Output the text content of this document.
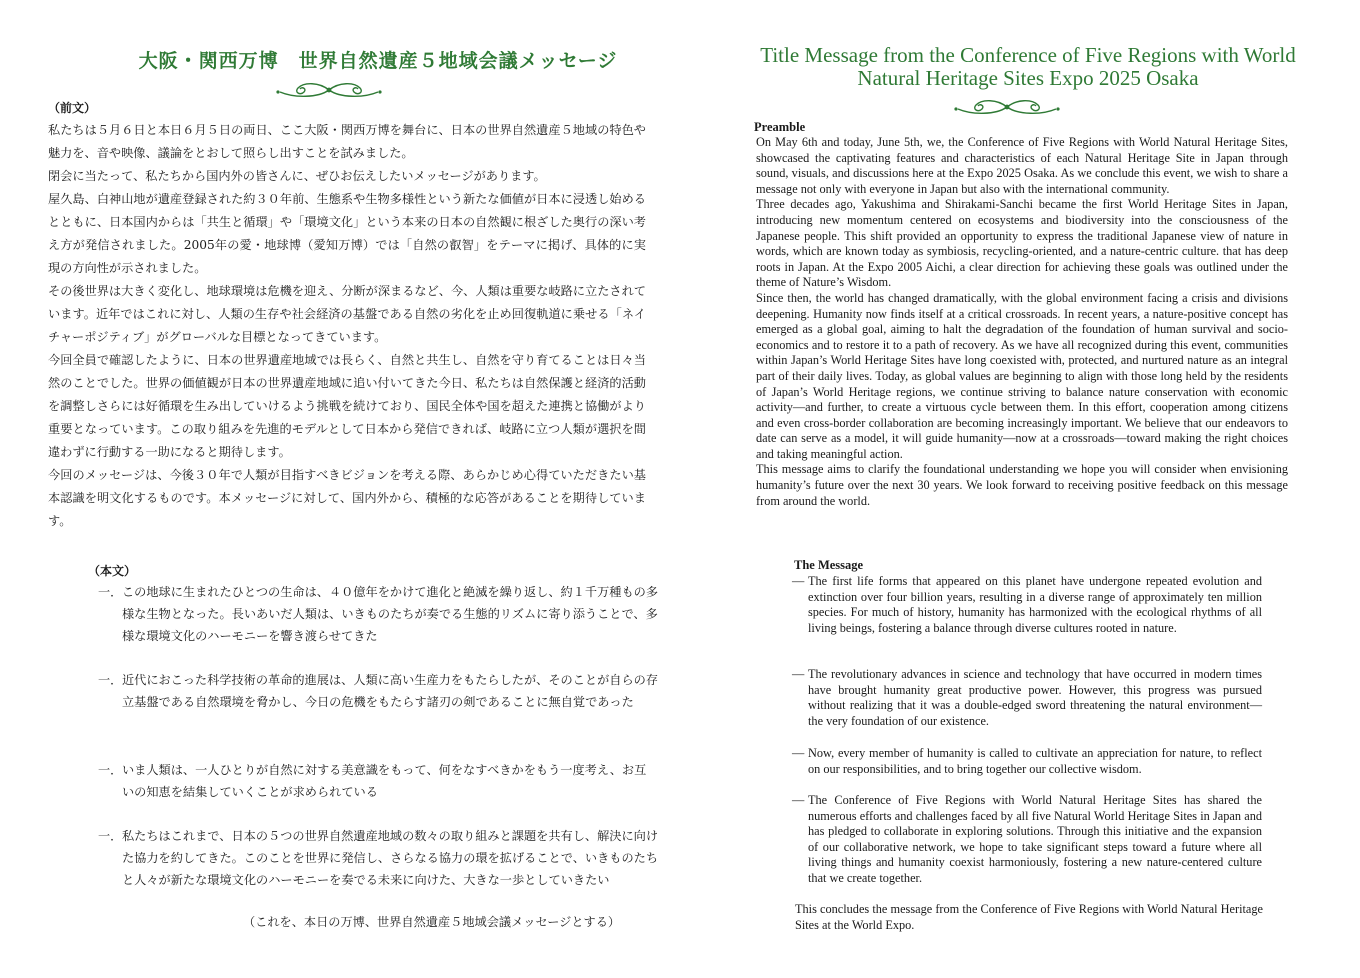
大阪・関西万博　世界自然遺産５地域会議メッセージ
（前文）

私たちは５月６日と本日６月５日の両日、ここ大阪・関西万博を舞台に、日本の世界自然遺産５地域の特色や魅力を、音や映像、議論をとおして照らし出すことを試みました。

閉会に当たって、私たちから国内外の皆さんに、ぜひお伝えしたいメッセージがあります。

屋久島、白神山地が遺産登録された約３０年前、生態系や生物多様性という新たな価値が日本に浸透し始めるとともに、日本国内からは「共生と循環」や「環境文化」という本来の日本の自然観に根ざした奥行の深い考え方が発信されました。2005年の愛・地球博（愛知万博）では「自然の叡智」をテーマに掲げ、具体的に実現の方向性が示されました。

その後世界は大きく変化し、地球環境は危機を迎え、分断が深まるなど、今、人類は重要な岐路に立たされています。近年ではこれに対し、人類の生存や社会経済の基盤である自然の劣化を止め回復軌道に乗せる「ネイチャーポジティブ」がグローバルな目標となってきています。

今回全員で確認したように、日本の世界遺産地域では長らく、自然と共生し、自然を守り育てることは日々当然のことでした。世界の価値観が日本の世界遺産地域に追い付いてきた今日、私たちは自然保護と経済的活動を調整しさらには好循環を生み出していけるよう挑戦を続けており、国民全体や国を超えた連携と協働がより重要となっています。この取り組みを先進的モデルとして日本から発信できれば、岐路に立つ人類が選択を間違わずに行動する一助になると期待します。

今回のメッセージは、今後３０年で人類が目指すべきビジョンを考える際、あらかじめ心得ていただきたい基本認識を明文化するものです。本メッセージに対して、国内外から、積極的な応答があることを期待しています。

（本文）
一． この地球に生まれたひとつの生命は、４０億年をかけて進化と絶滅を繰り返し、約１千万種もの多様な生物となった。長いあいだ人類は、いきものたちが奏でる生態的リズムに寄り添うことで、多様な環境文化のハーモニーを響き渡らせてきた
一． 近代におこった科学技術の革命的進展は、人類に高い生産力をもたらしたが、そのことが自らの存立基盤である自然環境を脅かし、今日の危機をもたらす諸刃の剣であることに無自覚であった
一． いま人類は、一人ひとりが自然に対する美意識をもって、何をなすべきかをもう一度考え、お互いの知恵を結集していくことが求められている
一． 私たちはこれまで、日本の５つの世界自然遺産地域の数々の取り組みと課題を共有し、解決に向けた協力を約してきた。このことを世界に発信し、さらなる協力の環を拡げることで、いきものたちと人々が新たな環境文化のハーモニーを奏でる未来に向けた、大きな一歩としていきたい
（これを、本日の万博、世界自然遺産５地域会議メッセージとする）
Title Message from the Conference of Five Regions with World
Natural Heritage Sites Expo 2025 Osaka
Preamble

On May 6th and today, June 5th, we, the Conference of Five Regions with World Natural Heritage Sites, showcased the captivating features and characteristics of each Natural Heritage Site in Japan through sound, visuals, and discussions here at the Expo 2025 Osaka. As we conclude this event, we wish to share a message not only with everyone in Japan but also with the international community.

Three decades ago, Yakushima and Shirakami-Sanchi became the first World Heritage Sites in Japan, introducing new momentum centered on ecosystems and biodiversity into the consciousness of the Japanese people. This shift provided an opportunity to express the traditional Japanese view of nature in words, which are known today as symbiosis, recycling-oriented, and a nature-centric culture. that has deep roots in Japan. At the Expo 2005 Aichi, a clear direction for achieving these goals was outlined under the theme of Nature’s Wisdom.

Since then, the world has changed dramatically, with the global environment facing a crisis and divisions deepening. Humanity now finds itself at a critical crossroads. In recent years, a nature-positive concept has emerged as a global goal, aiming to halt the degradation of the foundation of human survival and socio-economics and to restore it to a path of recovery. As we have all recognized during this event, communities within Japan’s World Heritage Sites have long coexisted with, protected, and nurtured nature as an integral part of their daily lives. Today, as global values are beginning to align with those long held by the residents of Japan’s World Heritage regions, we continue striving to balance nature conservation with economic activity—and further, to create a virtuous cycle between them. In this effort, cooperation among citizens and even cross-border collaboration are becoming increasingly important. We believe that our endeavors to date can serve as a model, it will guide humanity—now at a crossroads—toward making the right choices and taking meaningful action.

This message aims to clarify the foundational understanding we hope you will consider when envisioning humanity’s future over the next 30 years. We look forward to receiving positive feedback on this message from around the world.

The Message
— The first life forms that appeared on this planet have undergone repeated evolution and extinction over four billion years, resulting in a diverse range of approximately ten million species. For much of history, humanity has harmonized with the ecological rhythms of all living beings, fostering a balance through diverse cultures rooted in nature.
— The revolutionary advances in science and technology that have occurred in modern times have brought humanity great productive power. However, this progress was pursued without realizing that it was a double-edged sword threatening the natural environment—the very foundation of our existence.
— Now, every member of humanity is called to cultivate an appreciation for nature, to reflect on our responsibilities, and to bring together our collective wisdom.
— The Conference of Five Regions with World Natural Heritage Sites has shared the numerous efforts and challenges faced by all five Natural World Heritage Sites in Japan and has pledged to collaborate in exploring solutions. Through this initiative and the expansion of our collaborative network, we hope to take significant steps toward a future where all living things and humanity coexist harmoniously, fostering a new nature-centered culture that we create together.
This concludes the message from the Conference of Five Regions with World Natural Heritage Sites at the World Expo.
